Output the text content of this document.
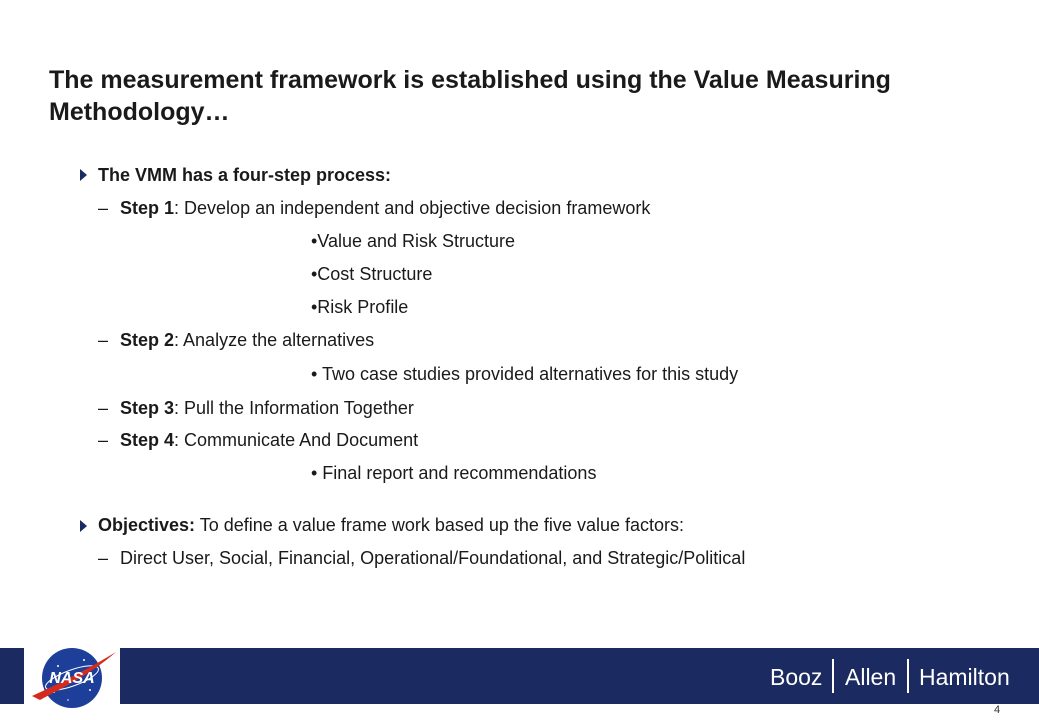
The measurement framework is established using the Value Measuring Methodology…
The VMM has a four-step process:
– Step 1: Develop an independent and objective decision framework
•Value and Risk Structure
•Cost Structure
•Risk Profile
– Step 2: Analyze the alternatives
• Two case studies provided alternatives for this study
– Step 3: Pull the Information Together
– Step 4: Communicate And Document
• Final report and recommendations
Objectives: To define a value frame work based up the five value factors:
– Direct User, Social, Financial, Operational/Foundational, and Strategic/Political
NASA	Booz Allen Hamilton
4
